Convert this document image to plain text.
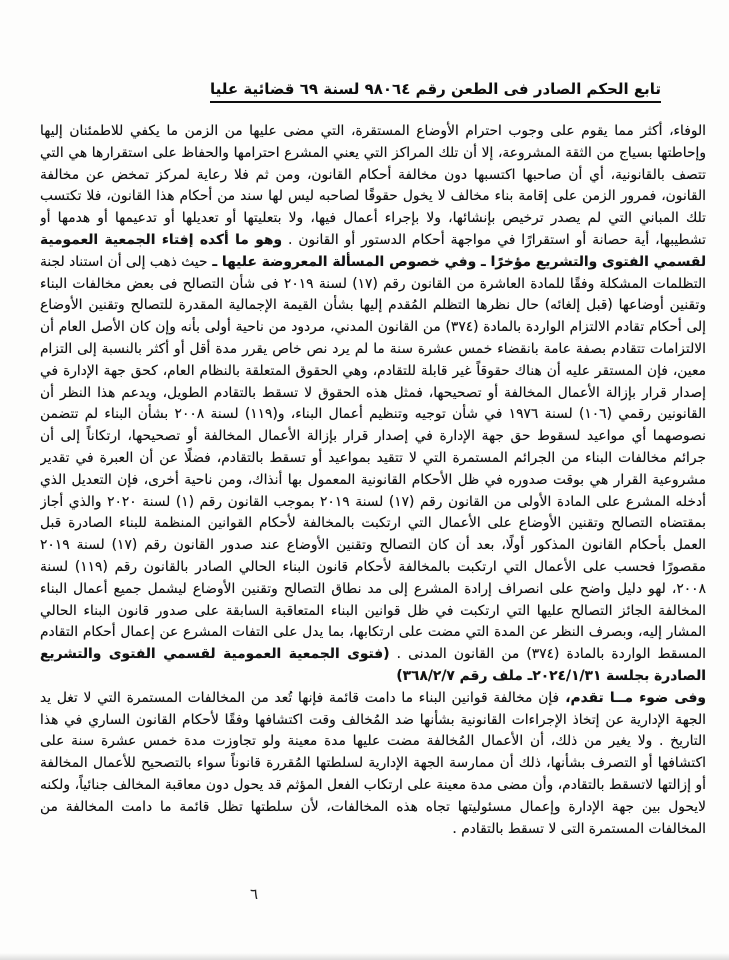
تابع الحكم الصادر فى الطعن رقم ٩٨٠٦٤ لسنة ٦٩ قضائية عليا

الوفاء، أكثر مما يقوم على وجوب احترام الأوضاع المستقرة، التي مضى عليها من الزمن ما يكفي للاطمئنان إليها وإحاطتها بسياج من الثقة المشروعة، إلا أن تلك المراكز التي يعني المشرع احترامها والحفاظ على استقرارها هي التي تتصف بالقانونية، أي أن صاحبها اكتسبها دون مخالفة أحكام القانون، ومن ثم فلا رعاية لمركز تمخض عن مخالفة القانون، فمرور الزمن على إقامة بناء مخالف لا يخول حقوقًا لصاحبه ليس لها سند من أحكام هذا القانون، فلا تكتسب تلك المباني التي لم يصدر ترخيص بإنشائها، ولا بإجراء أعمال فيها، ولا بتعليتها أو تعديلها أو تدعيمها أو هدمها أو تشطيبها، أية حصانة أو استقرارًا في مواجهة أحكام الدستور أو القانون . وهو ما أكده إفتاء الجمعية العمومية لقسمي الفتوى والتشريع مؤخرًا ـ وفي خصوص المسألة المعروضة عليها ـ حيث ذهب إلى أن استناد لجنة التظلمات المشكلة وفقًا للمادة العاشرة من القانون رقم (١٧) لسنة ٢٠١٩ فى شأن التصالح فى بعض مخالفات البناء وتقنين أوضاعها (قبل إلغائه) حال نظرها التظلم المُقدم إليها بشأن القيمة الإجمالية المقدرة للتصالح وتقنين الأوضاع إلى أحكام تقادم الالتزام الواردة بالمادة (٣٧٤) من القانون المدني، مردود من ناحية أولى بأنه وإن كان الأصل العام أن الالتزامات تتقادم بصفة عامة بانقضاء خمس عشرة سنة ما لم يرد نص خاص يقرر مدة أقل أو أكثر بالنسبة إلى التزام معين، فإن المستقر عليه أن هناك حقوقاً غير قابلة للتقادم، وهي الحقوق المتعلقة بالنظام العام، كحق جهة الإدارة في إصدار قرار بإزالة الأعمال المخالفة أو تصحيحها، فمثل هذه الحقوق لا تسقط بالتقادم الطويل، ويدعم هذا النظر أن القانونين رقمي (١٠٦) لسنة ١٩٧٦ في شأن توجيه وتنظيم أعمال البناء، و(١١٩) لسنة ٢٠٠٨ بشأن البناء لم تتضمن نصوصهما أي مواعيد لسقوط حق جهة الإدارة في إصدار قرار بإزالة الأعمال المخالفة أو تصحيحها، ارتكاناً إلى أن جرائم مخالفات البناء من الجرائم المستمرة التي لا تتقيد بمواعيد أو تسقط بالتقادم، فضلًا عن أن العبرة في تقدير مشروعية القرار هي بوقت صدوره في ظل الأحكام القانونية المعمول بها أنذاك، ومن ناحية أخرى، فإن التعديل الذي أدخله المشرع على المادة الأولى من القانون رقم (١٧) لسنة ٢٠١٩ بموجب القانون رقم (١) لسنة ٢٠٢٠ والذي أجاز بمقتضاه التصالح وتقنين الأوضاع على الأعمال التي ارتكبت بالمخالفة لأحكام القوانين المنظمة للبناء الصادرة قبل العمل بأحكام القانون المذكور أولًا، بعد أن كان التصالح وتقنين الأوضاع عند صدور القانون رقم (١٧) لسنة ٢٠١٩ مقصورًا فحسب على الأعمال التي ارتكبت بالمخالفة لأحكام قانون البناء الحالي الصادر بالقانون رقم (١١٩) لسنة ٢٠٠٨، لهو دليل واضح على انصراف إرادة المشرع إلى مد نطاق التصالح وتقنين الأوضاع ليشمل جميع أعمال البناء المخالفة الجائز التصالح عليها التي ارتكبت في ظل قوانين البناء المتعاقبة السابقة على صدور قانون البناء الحالي المشار إليه، وبصرف النظر عن المدة التي مضت على ارتكابها، بما يدل على التفات المشرع عن إعمال أحكام التقادم المسقط الواردة بالمادة (٣٧٤) من القانون المدنى . (فتوى الجمعية العمومية لقسمي الفتوى والتشريع الصادرة بجلسة ٢٠٢٤/١/٣١ـ ملف رقم ٣٦٨/٢/٧)

وفى ضوء مــا تقدم، فإن مخالفة قوانين البناء ما دامت قائمة فإنها تُعد من المخالفات المستمرة التي لا تغل يد الجهة الإدارية عن إتخاذ الإجراءات القانونية بشأنها ضد المُخالف وقت اكتشافها وفقًا لأحكام القانون الساري في هذا التاريخ . ولا يغير من ذلك، أن الأعمال المُخالفة مضت عليها مدة معينة ولو تجاوزت مدة خمس عشرة سنة على اكتشافها أو التصرف بشأنها، ذلك أن ممارسة الجهة الإدارية لسلطتها المُقررة قانوناً سواء بالتصحيح للأعمال المخالفة أو إزالتها لاتسقط بالتقادم، وأن مضى مدة معينة على ارتكاب الفعل المؤثم قد يحول دون معاقبة المخالف جنائياً، ولكنه لايحول بين جهة الإدارة وإعمال مسئوليتها تجاه هذه المخالفات، لأن سلطتها تظل قائمة ما دامت المخالفة من المخالفات المستمرة التى لا تسقط بالتقادم .

٦
